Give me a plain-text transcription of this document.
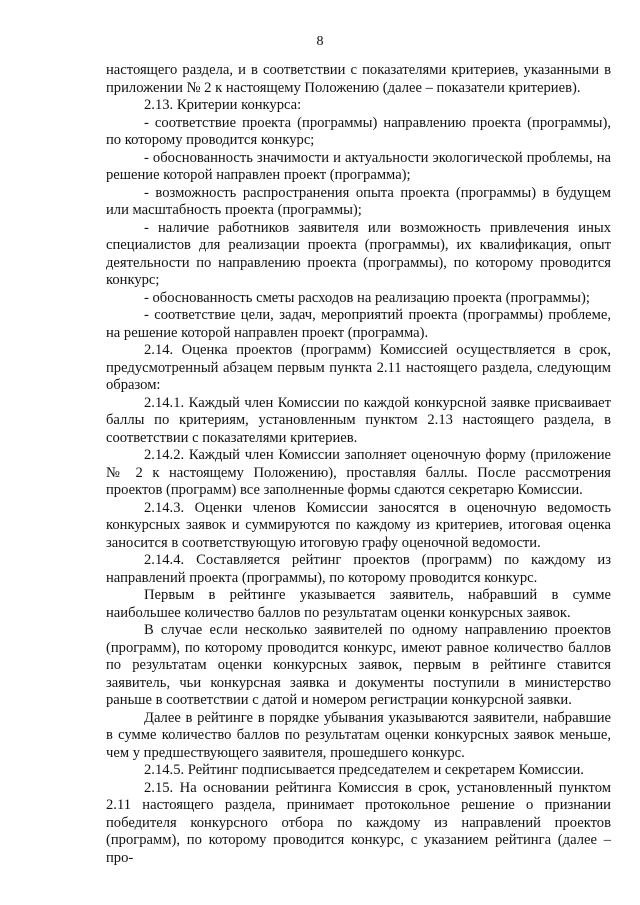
8

настоящего раздела, и в соответствии с показателями критериев, указанными в приложении № 2 к настоящему Положению (далее – показатели критериев).

2.13. Критерии конкурса:

- соответствие проекта (программы) направлению проекта (программы), по которому проводится конкурс;

- обоснованность значимости и актуальности экологической проблемы, на решение которой направлен проект (программа);

- возможность распространения опыта проекта (программы) в будущем или масштабность проекта (программы);

- наличие работников заявителя или возможность привлечения иных специалистов для реализации проекта (программы), их квалификация, опыт деятельности по направлению проекта (программы), по которому проводится конкурс;

- обоснованность сметы расходов на реализацию проекта (программы);

- соответствие цели, задач, мероприятий проекта (программы) проблеме, на решение которой направлен проект (программа).

2.14. Оценка проектов (программ) Комиссией осуществляется в срок, предусмотренный абзацем первым пункта 2.11 настоящего раздела, следующим образом:

2.14.1. Каждый член Комиссии по каждой конкурсной заявке присваивает баллы по критериям, установленным пунктом 2.13 настоящего раздела, в соответствии с показателями критериев.

2.14.2. Каждый член Комиссии заполняет оценочную форму (приложение № 2 к настоящему Положению), проставляя баллы. После рассмотрения проектов (программ) все заполненные формы сдаются секретарю Комиссии.

2.14.3. Оценки членов Комиссии заносятся в оценочную ведомость конкурсных заявок и суммируются по каждому из критериев, итоговая оценка заносится в соответствующую итоговую графу оценочной ведомости.

2.14.4. Составляется рейтинг проектов (программ) по каждому из направлений проекта (программы), по которому проводится конкурс.

Первым в рейтинге указывается заявитель, набравший в сумме наибольшее количество баллов по результатам оценки конкурсных заявок.

В случае если несколько заявителей по одному направлению проектов (программ), по которому проводится конкурс, имеют равное количество баллов по результатам оценки конкурсных заявок, первым в рейтинге ставится заявитель, чьи конкурсная заявка и документы поступили в министерство раньше в соответствии с датой и номером регистрации конкурсной заявки.

Далее в рейтинге в порядке убывания указываются заявители, набравшие в сумме количество баллов по результатам оценки конкурсных заявок меньше, чем у предшествующего заявителя, прошедшего конкурс.

2.14.5. Рейтинг подписывается председателем и секретарем Комиссии.

2.15. На основании рейтинга Комиссия в срок, установленный пунктом 2.11 настоящего раздела, принимает протокольное решение о признании победителя конкурсного отбора по каждому из направлений проектов (программ), по которому проводится конкурс, с указанием рейтинга (далее – про-
